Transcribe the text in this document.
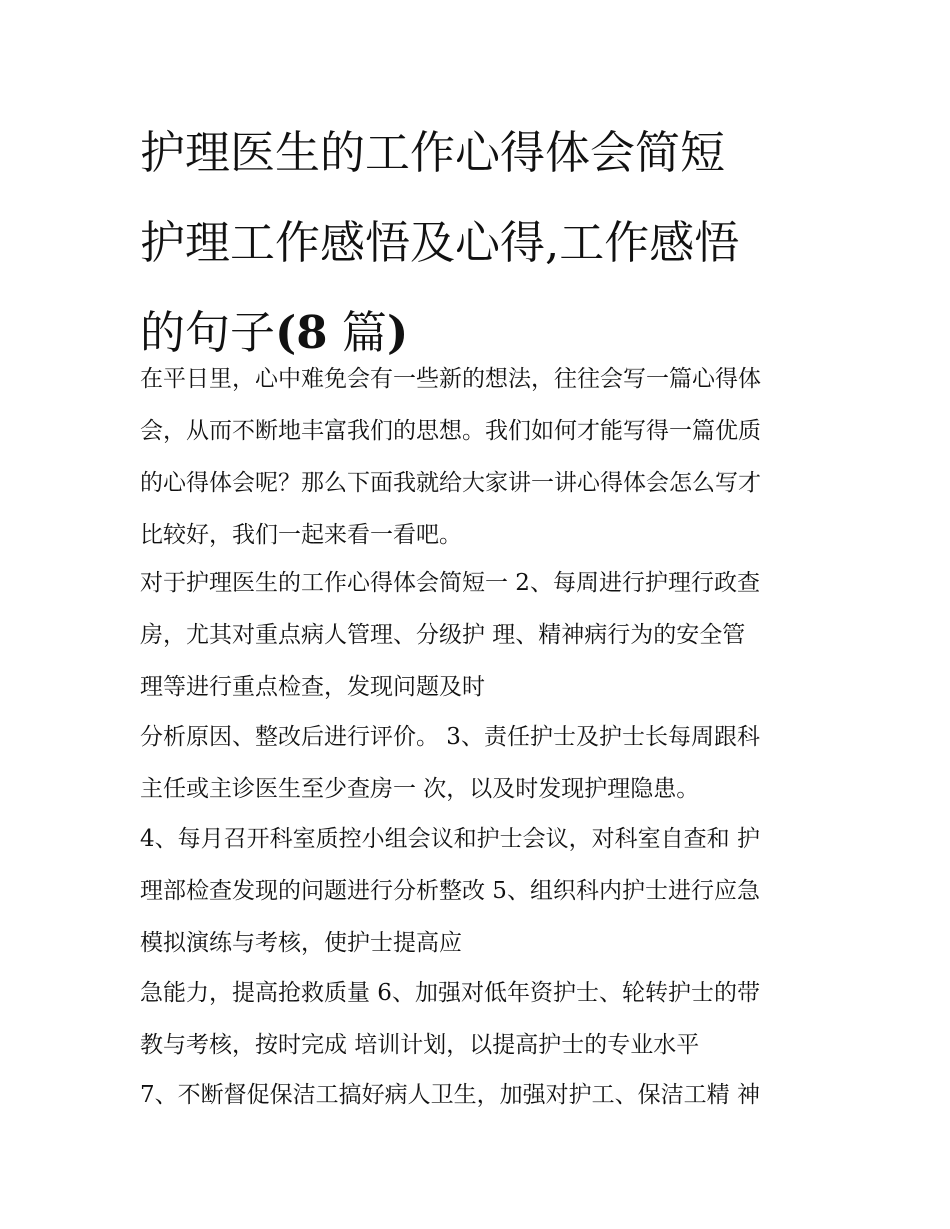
护理医生的工作心得体会简短
护理工作感悟及心得,工作感悟
的句子(8 篇)
在平日里，心中难免会有一些新的想法，往往会写一篇心得体
会，从而不断地丰富我们的思想。我们如何才能写得一篇优质
的心得体会呢？那么下面我就给大家讲一讲心得体会怎么写才
比较好，我们一起来看一看吧。
对于护理医生的工作心得体会简短一 2、每周进行护理行政查
房，尤其对重点病人管理、分级护 理、精神病行为的安全管
理等进行重点检查，发现问题及时
分析原因、整改后进行评价。 3、责任护士及护士长每周跟科
主任或主诊医生至少查房一 次，以及时发现护理隐患。
4、每月召开科室质控小组会议和护士会议，对科室自查和 护
理部检查发现的问题进行分析整改 5、组织科内护士进行应急
模拟演练与考核，使护士提高应
急能力，提高抢救质量 6、加强对低年资护士、轮转护士的带
教与考核，按时完成 培训计划，以提高护士的专业水平
7、不断督促保洁工搞好病人卫生，加强对护工、保洁工精 神
